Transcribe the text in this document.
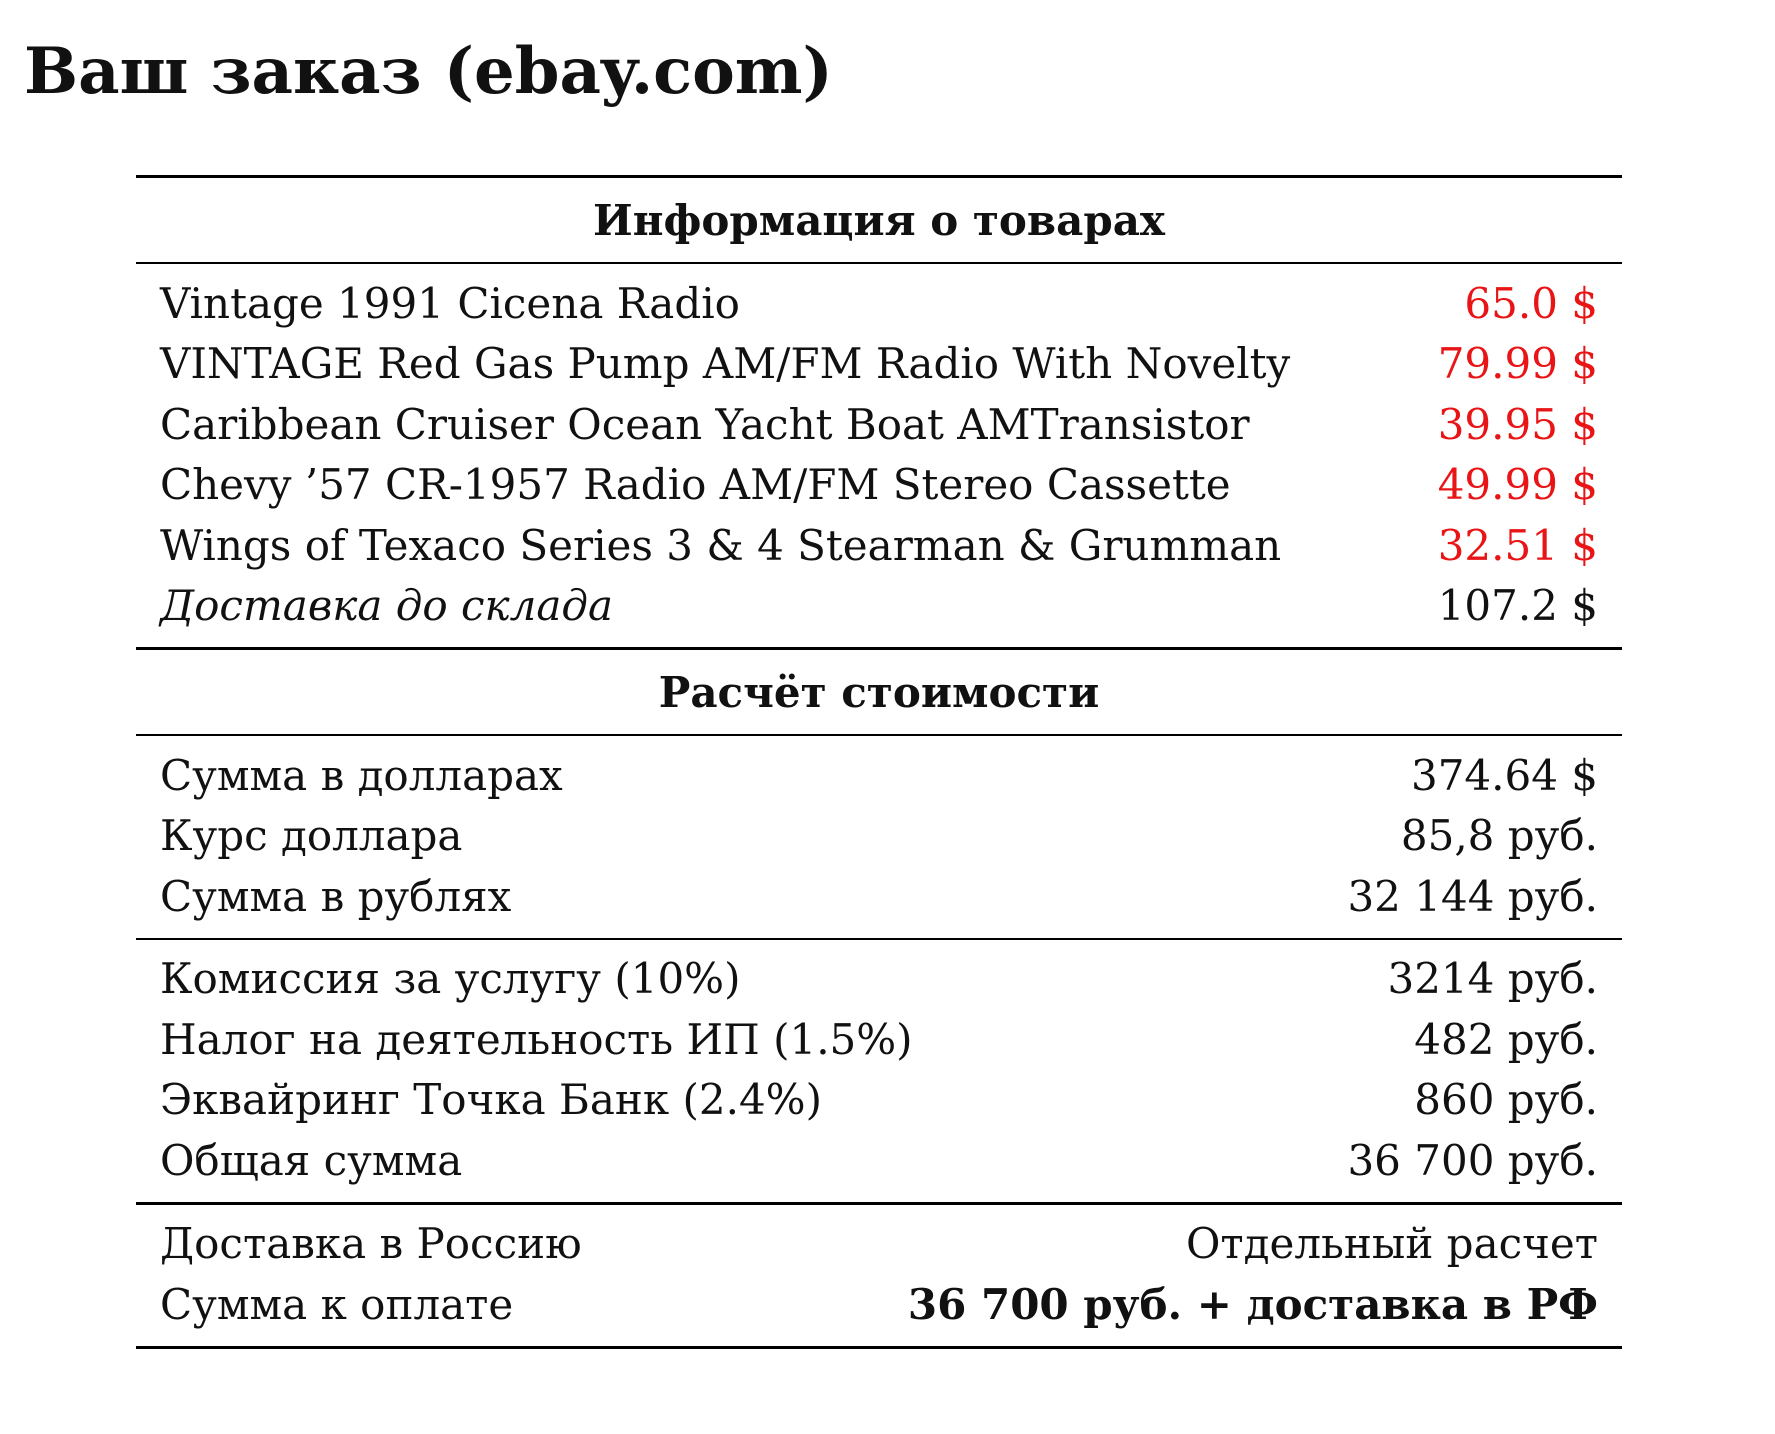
Ваш заказ (ebay.com)
Информация о товарах
Vintage 1991 Cicena Radio	65.0 $
VINTAGE Red Gas Pump AM/FM Radio With Novelty	79.99 $
Caribbean Cruiser Ocean Yacht Boat AMTransistor	39.95 $
Chevy ’57 CR-1957 Radio AM/FM Stereo Cassette	49.99 $
Wings of Texaco Series 3 & 4 Stearman & Grumman	32.51 $
Доставка до склада	107.2 $
Расчёт стоимости
Сумма в долларах	374.64 $
Курс доллара	85,8 руб.
Сумма в рублях	32 144 руб.
Комиссия за услугу (10%)	3214 руб.
Налог на деятельность ИП (1.5%)	482 руб.
Эквайринг Точка Банк (2.4%)	860 руб.
Общая сумма	36 700 руб.
Доставка в Россию	Отдельный расчет
Сумма к оплате	36 700 руб. + доставка в РФ
